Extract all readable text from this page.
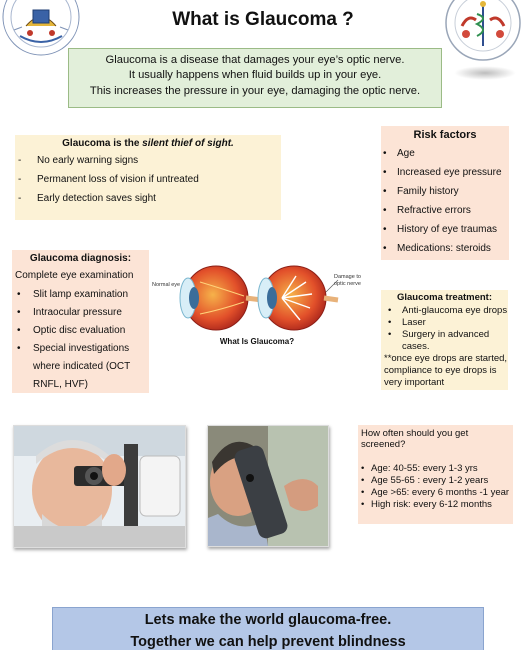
What is Glaucoma ?
Glaucoma is a disease that damages your eye’s optic nerve.
It usually happens when fluid builds up in your eye.
This increases the pressure in your eye, damaging the optic nerve.
Glaucoma is the silent thief of sight.
- No early warning signs
- Permanent loss of vision if untreated
- Early detection saves sight
Risk factors
• Age
• Increased eye pressure
• Family history
• Refractive errors
• History of eye traumas
• Medications: steroids
Glaucoma diagnosis:
Complete eye examination
• Slit lamp examination
• Intraocular pressure
• Optic disc evaluation
• Special investigations where indicated (OCT RNFL, HVF)
Normal eye
Damage to
optic nerve
What Is Glaucoma?
Glaucoma treatment:
• Anti-glaucoma eye drops
• Laser
• Surgery in advanced cases.
**once eye drops are started, compliance to eye drops is very important
How often should you get screened?
• Age: 40-55: every 1-3 yrs
• Age 55-65 : every 1-2 years
• Age >65: every 6 months -1 year
• High risk: every 6-12 months
Lets make the world glaucoma-free.
Together we can help prevent blindness
